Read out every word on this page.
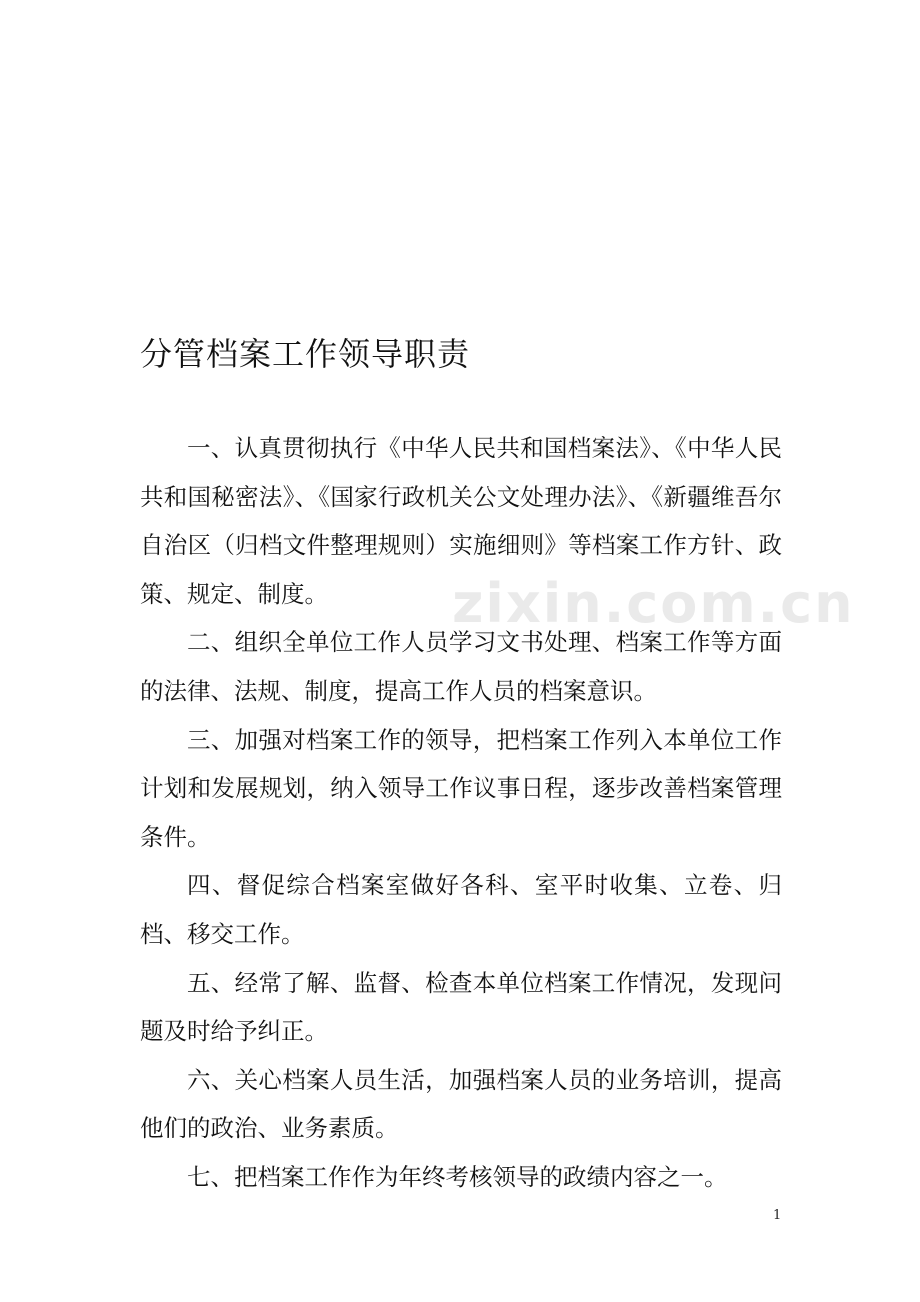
分管档案工作领导职责

一、认真贯彻执行《中华人民共和国档案法》、《中华人民共和国秘密法》、《国家行政机关公文处理办法》、《新疆维吾尔自治区（归档文件整理规则）实施细则》等档案工作方针、政策、规定、制度。

二、组织全单位工作人员学习文书处理、档案工作等方面的法律、法规、制度，提高工作人员的档案意识。

三、加强对档案工作的领导，把档案工作列入本单位工作计划和发展规划，纳入领导工作议事日程，逐步改善档案管理条件。

四、督促综合档案室做好各科、室平时收集、立卷、归档、移交工作。

五、经常了解、监督、检查本单位档案工作情况，发现问题及时给予纠正。

六、关心档案人员生活，加强档案人员的业务培训，提高他们的政治、业务素质。

七、把档案工作作为年终考核领导的政绩内容之一。

zixin.com.cn
1
